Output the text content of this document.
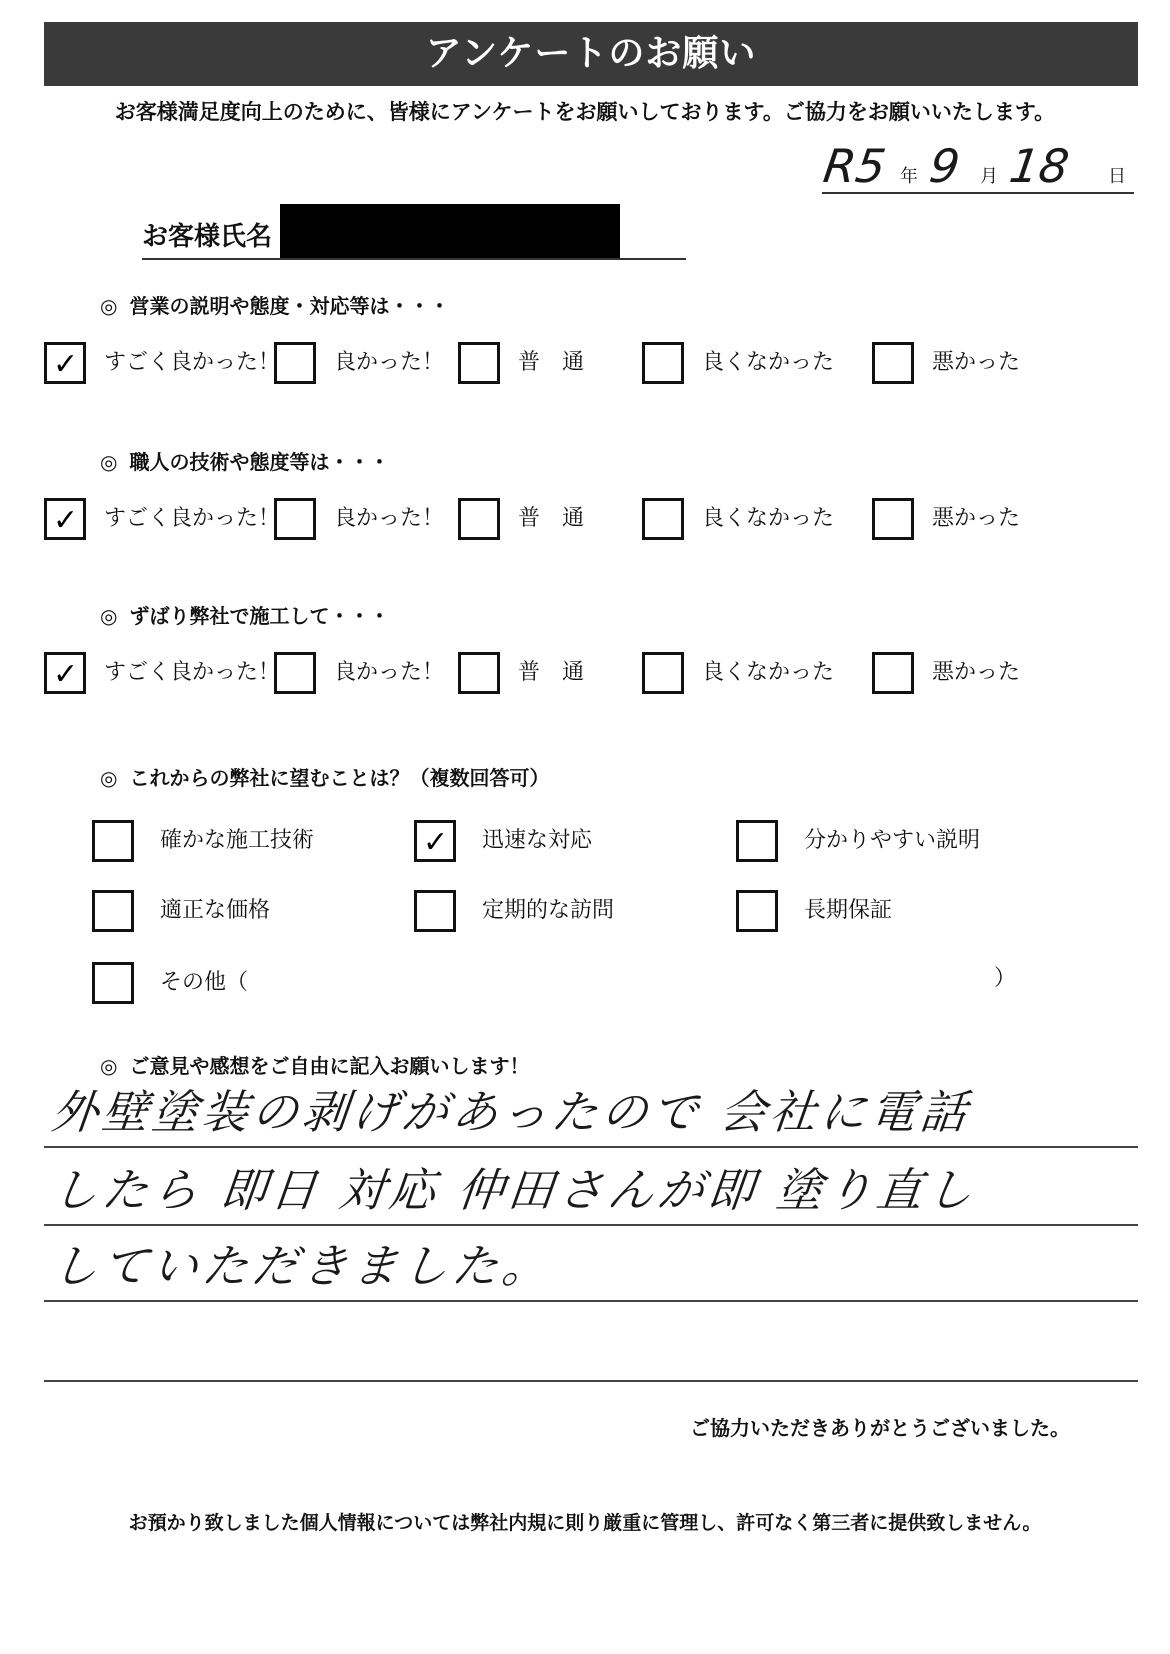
アンケートのお願い
お客様満足度向上のために、皆様にアンケートをお願いしております。ご協力をお願いいたします。
R5 年 9 月 18 日
お客様氏名
◎ 営業の説明や態度・対応等は・・・
✓ すごく良かった！ 良かった！	普　通	良くなかった	悪かった
◎ 職人の技術や態度等は・・・
✓ すごく良かった！ 良かった！	普　通	良くなかった	悪かった
◎ ずばり弊社で施工して・・・
✓ すごく良かった！ 良かった！	普　通	良くなかった	悪かった
◎ これからの弊社に望むことは？（複数回答可）
確かな施工技術	✓ 迅速な対応	分かりやすい説明
適正な価格	定期的な訪問	長期保証
その他（	）
◎ ご意見や感想をご自由に記入お願いします！
外壁塗装の剥げがあったので 会社に電話
したら 即日 対応 仲田さんが即 塗り直し
していただきました。
ご協力いただきありがとうございました。
お預かり致しました個人情報については弊社内規に則り厳重に管理し、許可なく第三者に提供致しません。
